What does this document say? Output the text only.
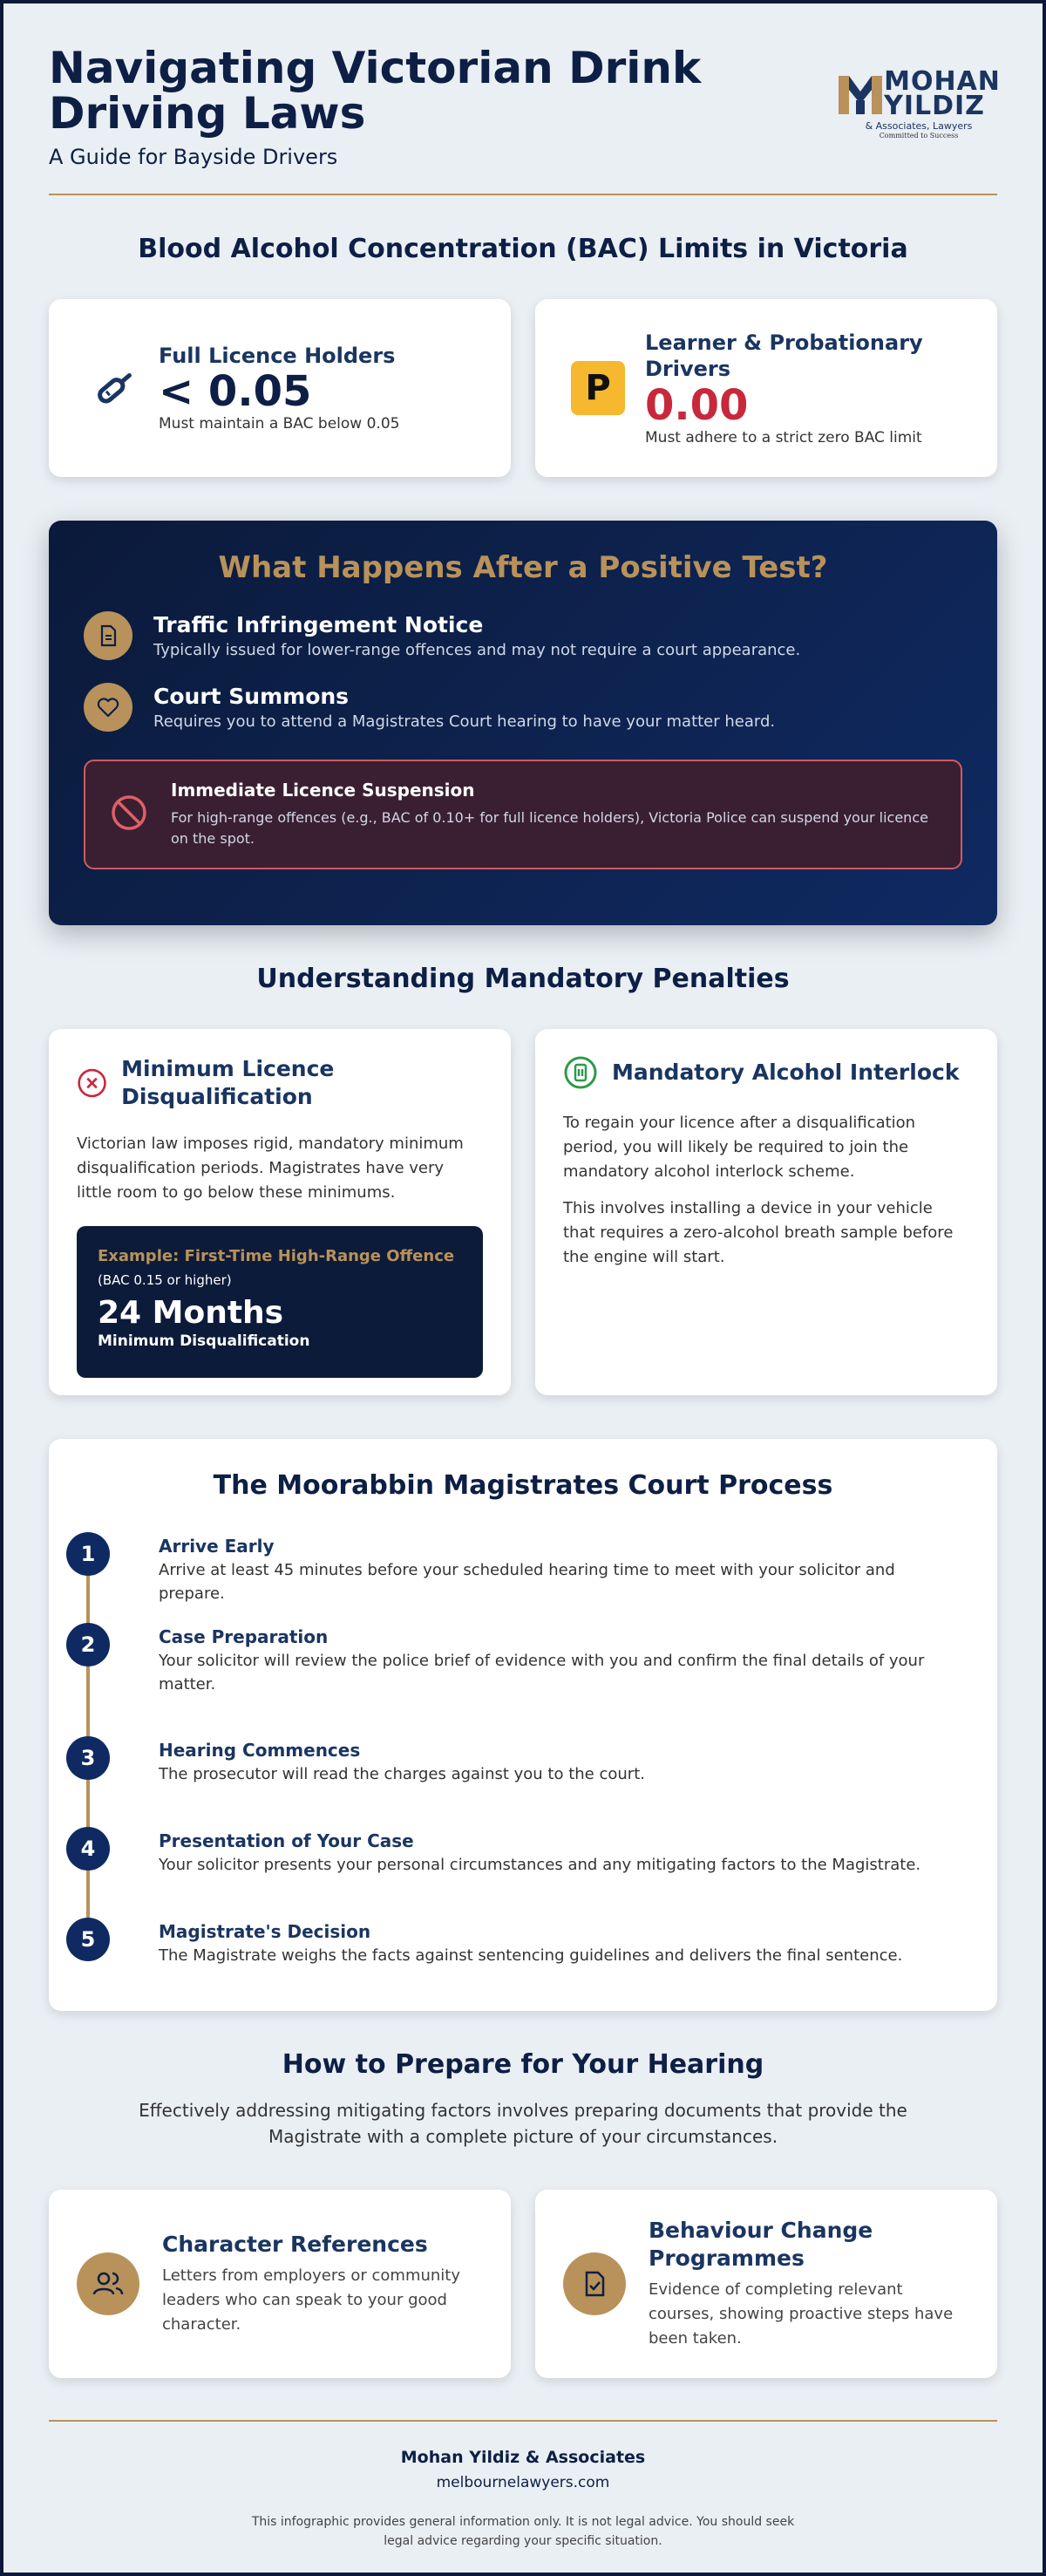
Navigating Victorian Drink
Driving Laws
A Guide for Bayside Drivers
MOHAN
YILDIZ
& Associates, Lawyers
Committed to Success
Blood Alcohol Concentration (BAC) Limits in Victoria
Full Licence Holders
< 0.05
Must maintain a BAC below 0.05
P
Learner & Probationary Drivers
0.00
Must adhere to a strict zero BAC limit
What Happens After a Positive Test?
Traffic Infringement Notice
Typically issued for lower-range offences and may not require a court appearance.
Court Summons
Requires you to attend a Magistrates Court hearing to have your matter heard.
Immediate Licence Suspension
For high-range offences (e.g., BAC of 0.10+ for full licence holders), Victoria Police can suspend your licence on the spot.
Understanding Mandatory Penalties
Minimum Licence Disqualification
Victorian law imposes rigid, mandatory minimum disqualification periods. Magistrates have very little room to go below these minimums.
Example: First-Time High-Range Offence
(BAC 0.15 or higher)
24 Months
Minimum Disqualification
Mandatory Alcohol Interlock
To regain your licence after a disqualification period, you will likely be required to join the mandatory alcohol interlock scheme.
This involves installing a device in your vehicle that requires a zero-alcohol breath sample before the engine will start.
The Moorabbin Magistrates Court Process
1	Arrive Early
Arrive at least 45 minutes before your scheduled hearing time to meet with your solicitor and prepare.
2	Case Preparation
Your solicitor will review the police brief of evidence with you and confirm the final details of your matter.
3	Hearing Commences
The prosecutor will read the charges against you to the court.
4	Presentation of Your Case
Your solicitor presents your personal circumstances and any mitigating factors to the Magistrate.
5	Magistrate's Decision
The Magistrate weighs the facts against sentencing guidelines and delivers the final sentence.
How to Prepare for Your Hearing
Effectively addressing mitigating factors involves preparing documents that provide the Magistrate with a complete picture of your circumstances.
Character References
Letters from employers or community leaders who can speak to your good character.
Behaviour Change Programmes
Evidence of completing relevant courses, showing proactive steps have been taken.
Mohan Yildiz & Associates
melbournelawyers.com
This infographic provides general information only. It is not legal advice. You should seek legal advice regarding your specific situation.
